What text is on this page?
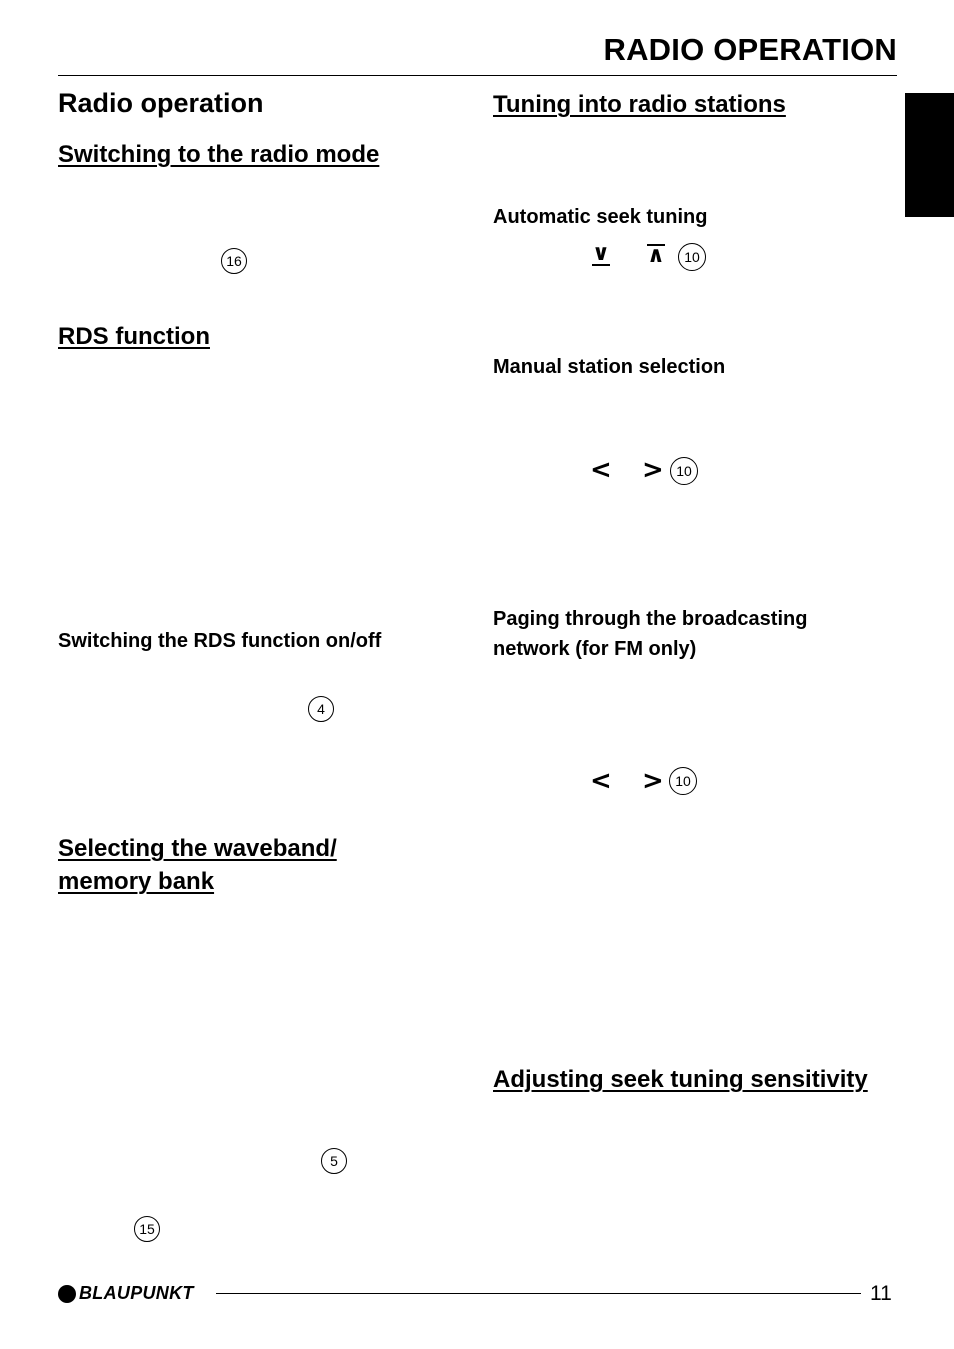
RADIO OPERATION
Radio operation
Switching to the radio mode
16
RDS function
Switching the RDS function on/off
4
Selecting the waveband/
memory bank
5
15
Tuning into radio stations
Automatic seek tuning
∨ ∧	10
Manual station selection
< > 10
Paging through the broadcasting
network (for FM only)
< > 10
Adjusting seek tuning sensitivity
BLAUPUNKT	11
